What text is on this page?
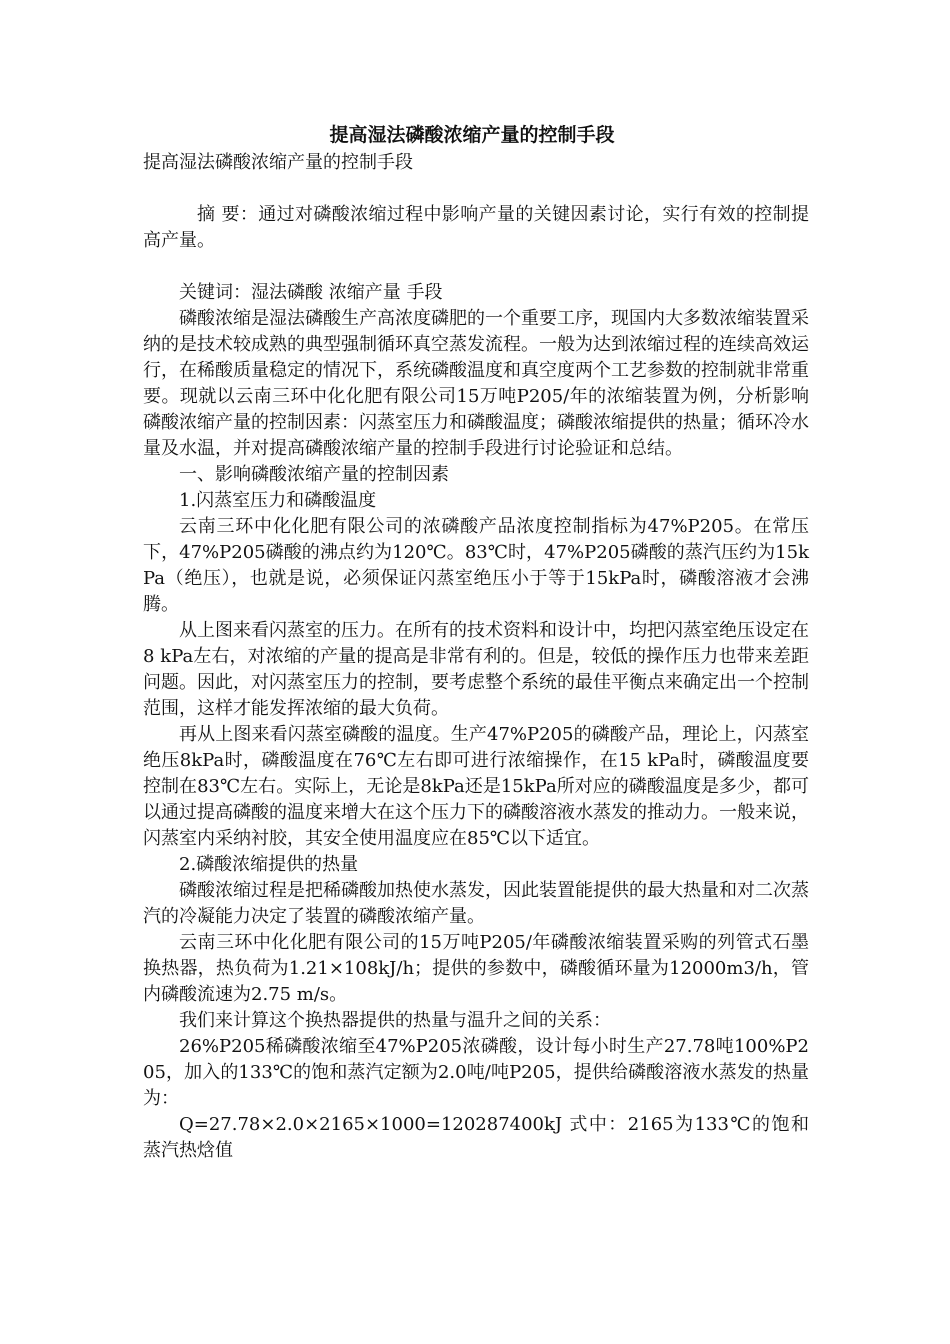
提高湿法磷酸浓缩产量的控制手段

提高湿法磷酸浓缩产量的控制手段

摘 要：通过对磷酸浓缩过程中影响产量的关键因素讨论，实行有效的控制提高产量。

关键词：湿法磷酸 浓缩产量 手段

磷酸浓缩是湿法磷酸生产高浓度磷肥的一个重要工序，现国内大多数浓缩装置采纳的是技术较成熟的典型强制循环真空蒸发流程。一般为达到浓缩过程的连续高效运行，在稀酸质量稳定的情况下，系统磷酸温度和真空度两个工艺参数的控制就非常重要。现就以云南三环中化化肥有限公司15万吨P205/年的浓缩装置为例，分析影响磷酸浓缩产量的控制因素：闪蒸室压力和磷酸温度；磷酸浓缩提供的热量；循环冷水量及水温，并对提高磷酸浓缩产量的控制手段进行讨论验证和总结。

一、影响磷酸浓缩产量的控制因素

1.闪蒸室压力和磷酸温度

云南三环中化化肥有限公司的浓磷酸产品浓度控制指标为47%P205。在常压下，47%P205磷酸的沸点约为120℃。83℃时，47%P205磷酸的蒸汽压约为15kPa（绝压），也就是说，必须保证闪蒸室绝压小于等于15kPa时，磷酸溶液才会沸腾。

从上图来看闪蒸室的压力。在所有的技术资料和设计中，均把闪蒸室绝压设定在8 kPa左右，对浓缩的产量的提高是非常有利的。但是，较低的操作压力也带来差距问题。因此，对闪蒸室压力的控制，要考虑整个系统的最佳平衡点来确定出一个控制范围，这样才能发挥浓缩的最大负荷。

再从上图来看闪蒸室磷酸的温度。生产47%P205的磷酸产品，理论上，闪蒸室绝压8kPa时，磷酸温度在76℃左右即可进行浓缩操作，在15 kPa时，磷酸温度要控制在83℃左右。实际上，无论是8kPa还是15kPa所对应的磷酸温度是多少，都可以通过提高磷酸的温度来增大在这个压力下的磷酸溶液水蒸发的推动力。一般来说，闪蒸室内采纳衬胶，其安全使用温度应在85℃以下适宜。

2.磷酸浓缩提供的热量

磷酸浓缩过程是把稀磷酸加热使水蒸发，因此装置能提供的最大热量和对二次蒸汽的冷凝能力决定了装置的磷酸浓缩产量。

云南三环中化化肥有限公司的15万吨P205/年磷酸浓缩装置采购的列管式石墨换热器，热负荷为1.21×108kJ/h；提供的参数中，磷酸循环量为12000m3/h，管内磷酸流速为2.75 m/s。

我们来计算这个换热器提供的热量与温升之间的关系：

26%P205稀磷酸浓缩至47%P205浓磷酸，设计每小时生产27.78吨100%P205，加入的133℃的饱和蒸汽定额为2.0吨/吨P205，提供给磷酸溶液水蒸发的热量为：

Q=27.78×2.0×2165×1000=120287400kJ 式中：2165为133℃的饱和蒸汽热焓值
